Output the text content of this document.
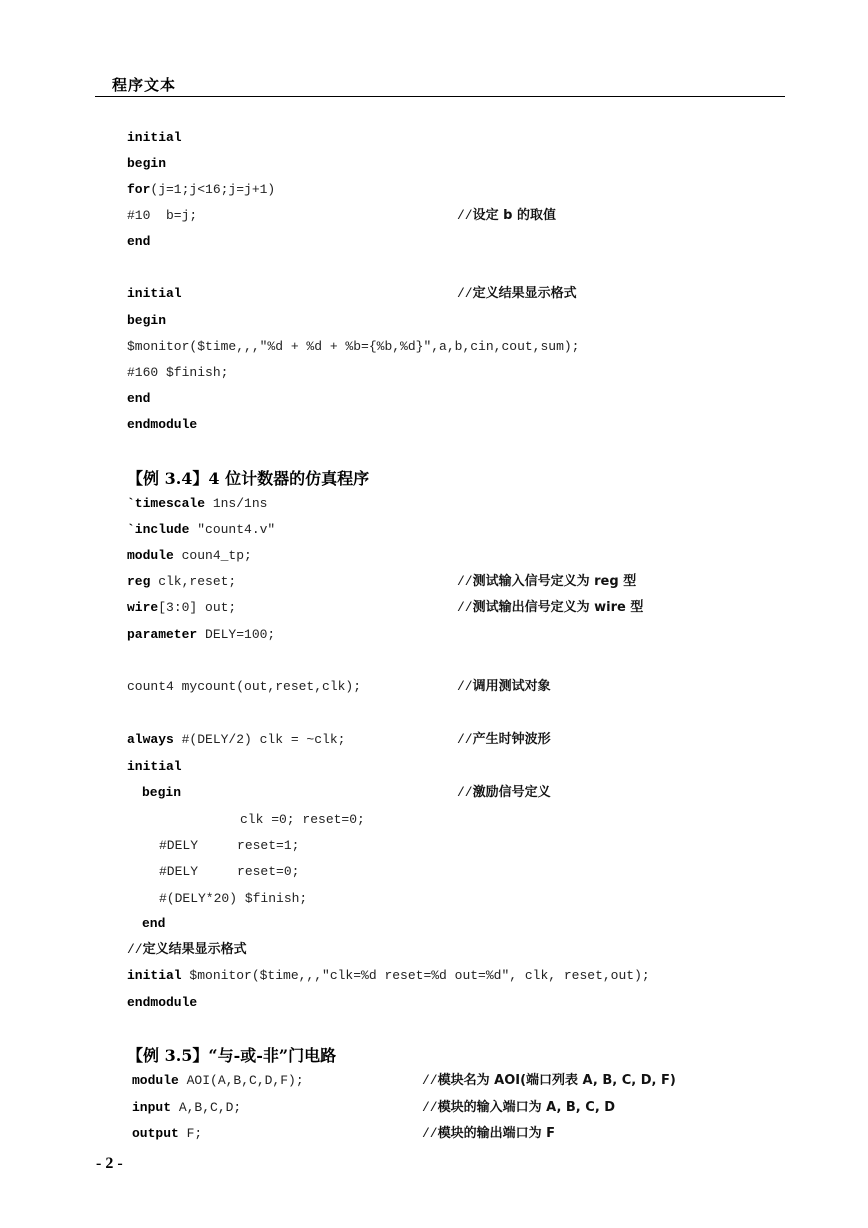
程序文本
initial
begin
for(j=1;j<16;j=j+1)
#10  b=j;	//设定 b 的取值
end
initial	//定义结果显示格式
begin
$monitor($time,,,"%d + %d + %b={%b,%d}",a,b,cin,cout,sum);
#160 $finish;
end
endmodule
`timescale 1ns/1ns
`include "count4.v"
module coun4_tp;
reg clk,reset;	//测试输入信号定义为 reg 型
wire[3:0] out;	//测试输出信号定义为 wire 型
parameter DELY=100;
count4 mycount(out,reset,clk);	//调用测试对象
always #(DELY/2) clk = ~clk;	//产生时钟波形
initial
begin	//激励信号定义
clk =0; reset=0;
#DELY     reset=1;
#DELY     reset=0;
#(DELY*20) $finish;
end
//定义结果显示格式
initial $monitor($time,,,"clk=%d reset=%d out=%d", clk, reset,out);
endmodule
module AOI(A,B,C,D,F);	//模块名为 AOI(端口列表 A, B, C, D, F)
input A,B,C,D;	//模块的输入端口为 A, B, C, D
output F;	//模块的输出端口为 F
【例 3.4】4 位计数器的仿真程序
【例 3.5】“与-或-非”门电路
- 2 -
